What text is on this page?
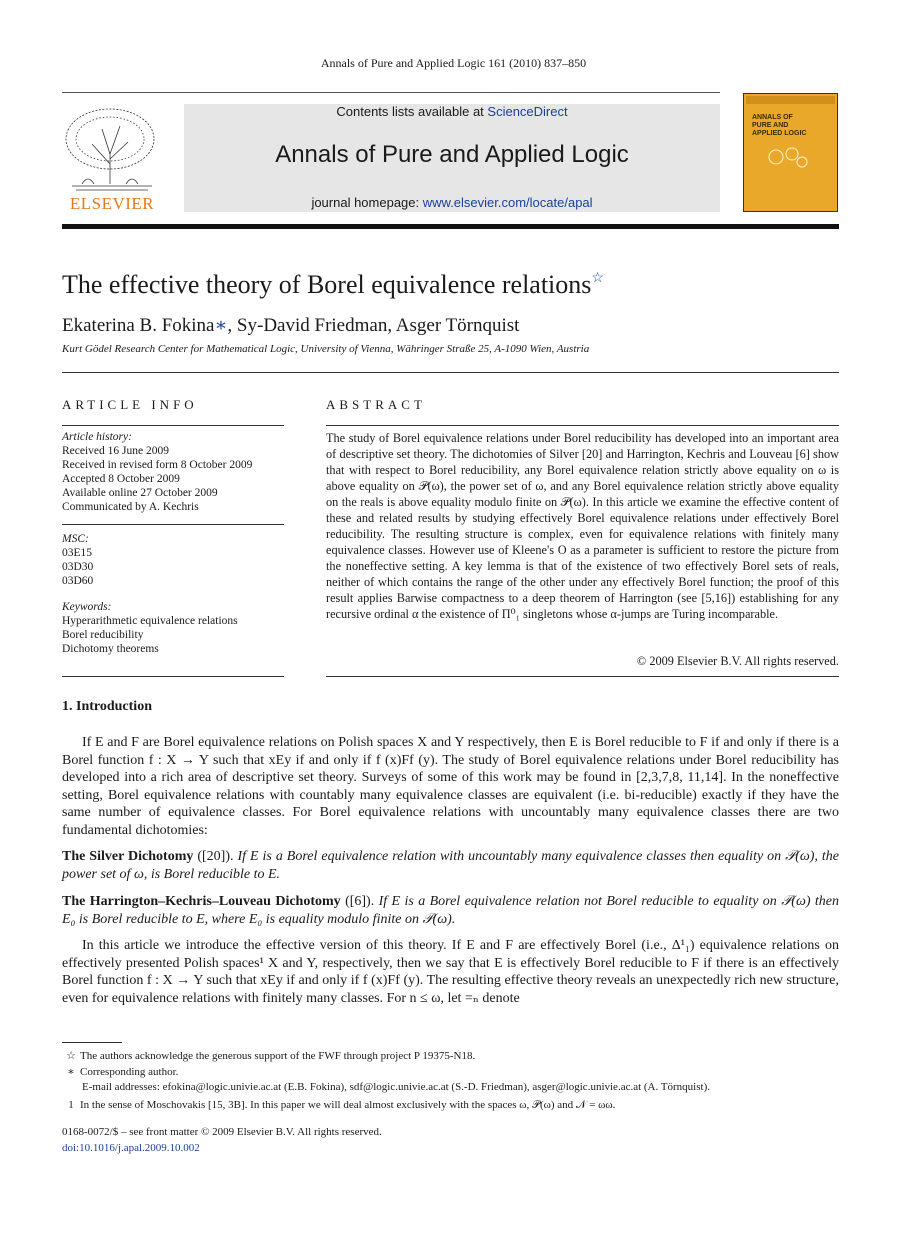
Annals of Pure and Applied Logic 161 (2010) 837–850
ELSEVIER
Contents lists available at ScienceDirect
Annals of Pure and Applied Logic
journal homepage: www.elsevier.com/locate/apal
ANNALS OF
PURE AND
APPLIED LOGIC
The effective theory of Borel equivalence relations☆
Ekaterina B. Fokina∗, Sy-David Friedman, Asger Törnquist
Kurt Gödel Research Center for Mathematical Logic, University of Vienna, Währinger Straße 25, A-1090 Wien, Austria
ARTICLE INFO
Article history:
Received 16 June 2009
Received in revised form 8 October 2009
Accepted 8 October 2009
Available online 27 October 2009
Communicated by A. Kechris
MSC:
03E15
03D30
03D60
Keywords:
Hyperarithmetic equivalence relations
Borel reducibility
Dichotomy theorems
ABSTRACT
The study of Borel equivalence relations under Borel reducibility has developed into an important area of descriptive set theory. The dichotomies of Silver [20] and Harrington, Kechris and Louveau [6] show that with respect to Borel reducibility, any Borel equivalence relation strictly above equality on ω is above equality on 𝒫(ω), the power set of ω, and any Borel equivalence relation strictly above equality on the reals is above equality modulo finite on 𝒫(ω). In this article we examine the effective content of these and related results by studying effectively Borel equivalence relations under effectively Borel reducibility. The resulting structure is complex, even for equivalence relations with finitely many equivalence classes. However use of Kleene's O as a parameter is sufficient to restore the picture from the noneffective setting. A key lemma is that of the existence of two effectively Borel sets of reals, neither of which contains the range of the other under any effectively Borel function; the proof of this result applies Barwise compactness to a deep theorem of Harrington (see [5,16]) establishing for any recursive ordinal α the existence of Π⁰₁ singletons whose α-jumps are Turing incomparable.
© 2009 Elsevier B.V. All rights reserved.
1. Introduction
If E and F are Borel equivalence relations on Polish spaces X and Y respectively, then E is Borel reducible to F if and only if there is a Borel function f : X → Y such that xEy if and only if f (x)Ff (y). The study of Borel equivalence relations under Borel reducibility has developed into a rich area of descriptive set theory. Surveys of some of this work may be found in [2,3,7,8, 11,14]. In the noneffective setting, Borel equivalence relations with countably many equivalence classes are equivalent (i.e. bi-reducible) exactly if they have the same number of equivalence classes. For Borel equivalence relations with uncountably many equivalence classes there are two fundamental dichotomies:
The Silver Dichotomy ([20]). If E is a Borel equivalence relation with uncountably many equivalence classes then equality on 𝒫(ω), the power set of ω, is Borel reducible to E.
The Harrington–Kechris–Louveau Dichotomy ([6]). If E is a Borel equivalence relation not Borel reducible to equality on 𝒫(ω) then E₀ is Borel reducible to E, where E₀ is equality modulo finite on 𝒫(ω).
In this article we introduce the effective version of this theory. If E and F are effectively Borel (i.e., Δ¹₁) equivalence relations on effectively presented Polish spaces¹ X and Y, respectively, then we say that E is effectively Borel reducible to F if there is an effectively Borel function f : X → Y such that xEy if and only if f (x)Ff (y). The resulting effective theory reveals an unexpectedly rich new structure, even for equivalence relations with finitely many classes. For n ≤ ω, let =ₙ denote
☆ The authors acknowledge the generous support of the FWF through project P 19375-N18.
∗ Corresponding author.
E-mail addresses: efokina@logic.univie.ac.at (E.B. Fokina), sdf@logic.univie.ac.at (S.-D. Friedman), asger@logic.univie.ac.at (A. Törnquist).
1 In the sense of Moschovakis [15, 3B]. In this paper we will deal almost exclusively with the spaces ω, 𝒫(ω) and 𝒩 = ωω.
0168-0072/$ – see front matter © 2009 Elsevier B.V. All rights reserved.
doi:10.1016/j.apal.2009.10.002
